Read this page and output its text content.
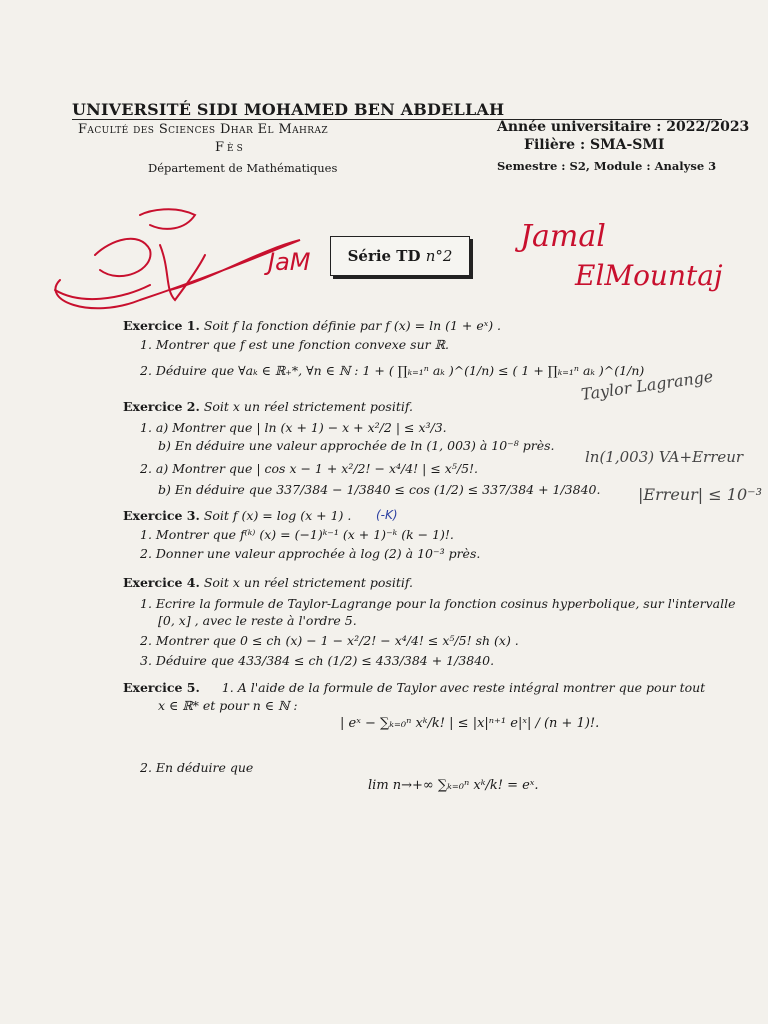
UNIVERSITÉ SIDI MOHAMED BEN ABDELLAH
Faculté des Sciences Dhar El Mahraz
Fès
Département de Mathématiques
Année universitaire : 2022/2023
Filière : SMA-SMI
Semestre : S2, Module : Analyse 3
Série TD
n°2
Exercice 1. Soit f la fonction définie par f (x) = ln (1 + eˣ) .
1. Montrer que f est une fonction convexe sur ℝ.
2. Déduire que ∀aₖ ∈ ℝ₊*, ∀n ∈ ℕ : 1 + ( ∏ₖ₌₁ⁿ aₖ )^(1/n) ≤ ( 1 + ∏ₖ₌₁ⁿ aₖ )^(1/n)
Exercice 2. Soit x un réel strictement positif.
1. a) Montrer que | ln (x + 1) − x + x²/2 | ≤ x³/3.
b) En déduire une valeur approchée de ln (1, 003) à 10⁻⁸ près.
2. a) Montrer que | cos x − 1 + x²/2! − x⁴/4! | ≤ x⁵/5!.
b) En déduire que 337/384 − 1/3840 ≤ cos (1/2) ≤ 337/384 + 1/3840.
Exercice 3. Soit f (x) = log (x + 1) .
1. Montrer que f⁽ᵏ⁾ (x) = (−1)ᵏ⁻¹ (x + 1)⁻ᵏ (k − 1)!.
2. Donner une valeur approchée à log (2) à 10⁻³ près.
Exercice 4. Soit x un réel strictement positif.
1. Ecrire la formule de Taylor-Lagrange pour la fonction cosinus hyperbolique, sur l'intervalle
[0, x] , avec le reste à l'ordre 5.
2. Montrer que 0 ≤ ch (x) − 1 − x²/2! − x⁴/4! ≤ x⁵/5! sh (x) .
3. Déduire que 433/384 ≤ ch (1/2) ≤ 433/384 + 1/3840.
Exercice 5. 1. A l'aide de la formule de Taylor avec reste intégral montrer que pour tout
x ∈ ℝ* et pour n ∈ ℕ :
| eˣ − ∑ₖ₌₀ⁿ xᵏ/k! | ≤ |x|ⁿ⁺¹ e|ˣ| / (n + 1)!.
2. En déduire que
lim n→+∞ ∑ₖ₌₀ⁿ xᵏ/k! = eˣ.
JaM
Jamal
ElMountaj
(-K)
Taylor Lagrange
ln(1,003) VA+Erreur
|Erreur| ≤ 10⁻³
